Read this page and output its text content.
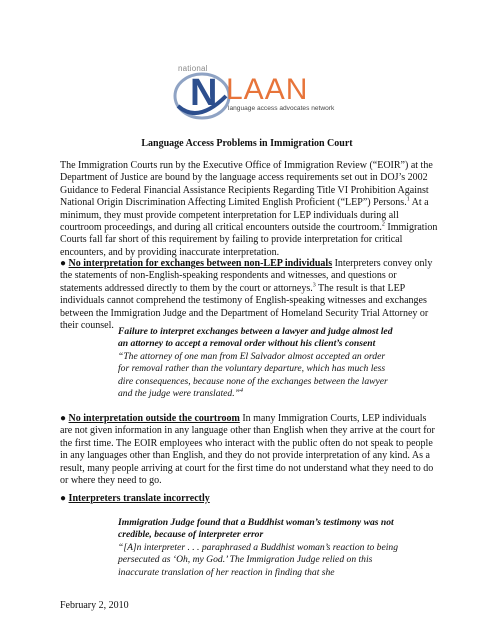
national
N LAAN
language access advocates network
Language Access Problems in Immigration Court
The Immigration Courts run by the Executive Office of Immigration Review (“EOIR”) at the Department of Justice are bound by the language access requirements set out in DOJ’s 2002 Guidance to Federal Financial Assistance Recipients Regarding Title VI Prohibition Against National Origin Discrimination Affecting Limited English Proficient (“LEP”) Persons.$^1$ At a minimum, they must provide competent interpretation for LEP individuals during all courtroom proceedings, and during all critical encounters outside the courtroom.$^2$ Immigration Courts fall far short of this requirement by failing to provide interpretation for critical encounters, and by providing inaccurate interpretation.
● No interpretation for exchanges between non-LEP individuals Interpreters convey only the statements of non-English-speaking respondents and witnesses, and questions or statements addressed directly to them by the court or attorneys.$^3$ The result is that LEP individuals cannot comprehend the testimony of English-speaking witnesses and exchanges between the Immigration Judge and the Department of Homeland Security Trial Attorney or their counsel.
Failure to interpret exchanges between a lawyer and judge almost led an attorney to accept a removal order without his client’s consent
“The attorney of one man from El Salvador almost accepted an order for removal rather than the voluntary departure, which has much less dire consequences, because none of the exchanges between the lawyer and the judge were translated.”$^4$
● No interpretation outside the courtroom In many Immigration Courts, LEP individuals are not given information in any language other than English when they arrive at the court for the first time. The EOIR employees who interact with the public often do not speak to people in any languages other than English, and they do not provide interpretation of any kind. As a result, many people arriving at court for the first time do not understand what they need to do or where they need to go.
● Interpreters translate incorrectly
Immigration Judge found that a Buddhist woman’s testimony was not credible, because of interpreter error
“[A]n interpreter . . . paraphrased a Buddhist woman’s reaction to being persecuted as ‘Oh, my God.’ The Immigration Judge relied on this inaccurate translation of her reaction in finding that she
February 2, 2010
